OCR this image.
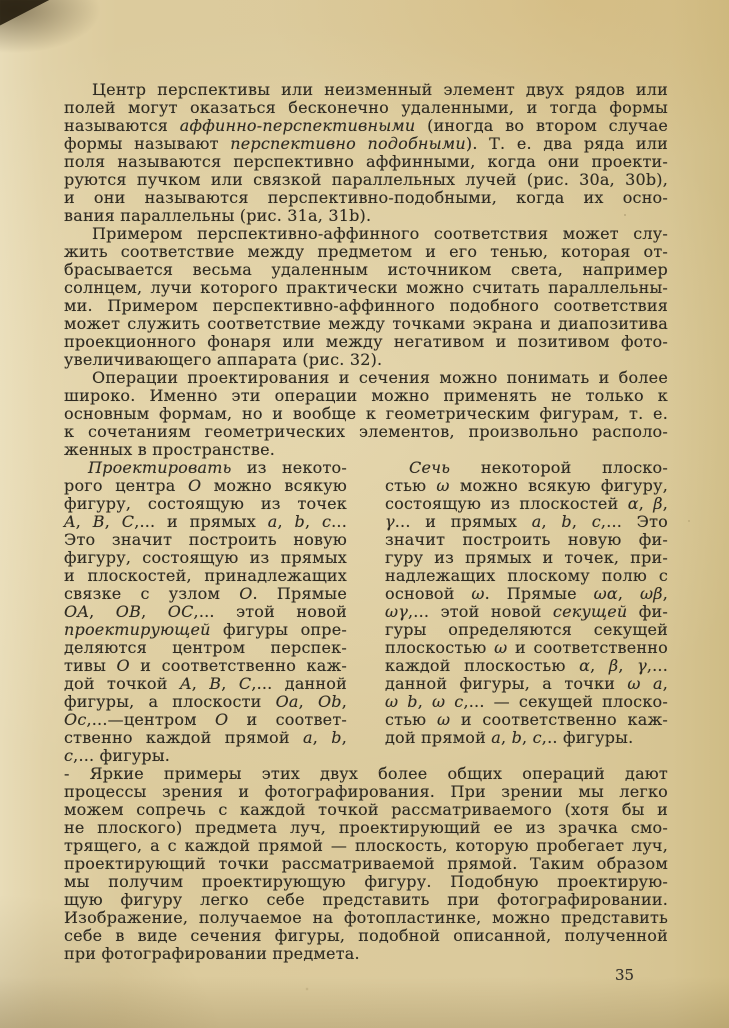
Центр перспективы или неизменный элемент двух рядов или
полей могут оказаться бесконечно удаленными, и тогда формы
называются аффинно-перспективными (иногда во втором случае
формы называют перспективно подобными). Т. е. два ряда или
поля называются перспективно аффинными, когда они проекти-
руются пучком или связкой параллельных лучей (рис. 30a, 30b),
и они называются перспективно-подобными, когда их осно-
вания параллельны (рис. 31a, 31b).
Примером перспективно-аффинного соответствия может слу-
жить соответствие между предметом и его тенью, которая от-
брасывается весьма удаленным источником света, например
солнцем, лучи которого практически можно считать параллельны-
ми. Примером перспективно-аффинного подобного соответствия
может служить соответствие между точками экрана и диапозитива
проекционного фонаря или между негативом и позитивом фото-
увеличивающего аппарата (рис. 32).
Операции проектирования и сечения можно понимать и более
широко. Именно эти операции можно применять не только к
основным формам, но и вообще к геометрическим фигурам, т. е.
к сочетаниям геометрических элементов, произвольно располо-
женных в пространстве.
Проектировать из некото-
рого центра O можно всякую
фигуру, состоящую из точек
A, B, C,... и прямых a, b, c...
Это значит построить новую
фигуру, состоящую из прямых
и плоскостей, принадлежащих
связке с узлом O. Прямые
OA, OB, OC,... этой новой
проектирующей фигуры опре-
деляются центром перспек-
тивы O и соответственно каж-
дой точкой A, B, C,... данной
фигуры, а плоскости Oa, Ob,
Oc,...—центром O и соответ-
ственно каждой прямой a, b,
c,... фигуры.
Сечь некоторой плоско-
стью ω можно всякую фигуру,
состоящую из плоскостей α, β,
γ... и прямых a, b, c,... Это
значит построить новую фи-
гуру из прямых и точек, при-
надлежащих плоскому полю с
основой ω. Прямые ωα, ωβ,
ωγ,... этой новой секущей фи-
гуры определяются секущей
плоскостью ω и соответственно
каждой плоскостью α, β, γ,...
данной фигуры, а точки ω a,
ω b, ω c,... — секущей плоско-
стью ω и соответственно каж-
дой прямой a, b, c,.. фигуры.
- Яркие примеры этих двух более общих операций дают
процессы зрения и фотографирования. При зрении мы легко
можем сопречь с каждой точкой рассматриваемого (хотя бы и
не плоского) предмета луч, проектирующий ее из зрачка смо-
трящего, а с каждой прямой — плоскость, которую пробегает луч,
проектирующий точки рассматриваемой прямой. Таким образом
мы получим проектирующую фигуру. Подобную проектирую-
щую фигуру легко себе представить при фотографировании.
Изображение, получаемое на фотопластинке, можно представить
себе в виде сечения фигуры, подобной описанной, полученной
при фотографировании предмета.
35
